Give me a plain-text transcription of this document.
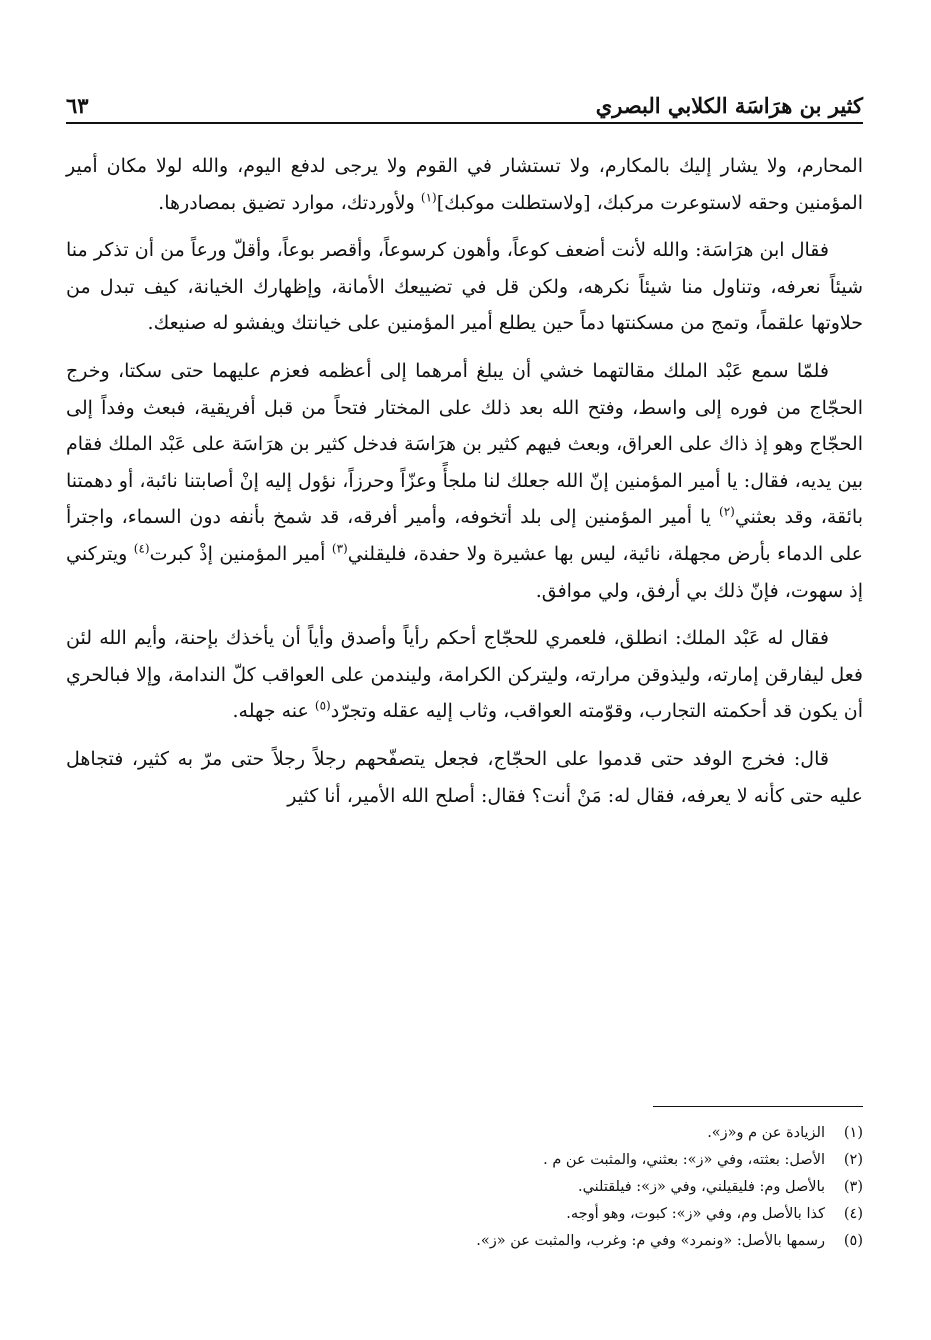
كثير بن هرَاسَة الكلابي البصري
٦٣

المحارم، ولا يشار إليك بالمكارم، ولا تستشار في القوم ولا يرجى لدفع اليوم، والله لولا مكان أمير المؤمنين وحقه لاستوعرت مركبك، [ولاستطلت موكبك]$^{(١)}$ ولأوردتك، موارد تضيق بمصادرها.

فقال ابن هرَاسَة: والله لأنت أضعف كوعاً، وأهون كرسوعاً، وأقصر بوعاً، وأقلّ ورعاً من أن تذكر منا شيئاً نعرفه، وتناول منا شيئاً نكرهه، ولكن قل في تضييعك الأمانة، وإظهارك الخيانة، كيف تبدل من حلاوتها علقماً، وتمج من مسكنتها دماً حين يطلع أمير المؤمنين على خيانتك ويفشو له صنيعك.

فلمّا سمع عَبْد الملك مقالتهما خشي أن يبلغ أمرهما إلى أعظمه فعزم عليهما حتى سكتا، وخرج الحجّاج من فوره إلى واسط، وفتح الله بعد ذلك على المختار فتحاً من قبل أفريقية، فبعث وفداً إلى الحجّاج وهو إذ ذاك على العراق، وبعث فيهم كثير بن هرَاسَة فدخل كثير بن هرَاسَة على عَبْد الملك فقام بين يديه، فقال: يا أمير المؤمنين إنّ الله جعلك لنا ملجأً وعزّاً وحرزاً، نؤول إليه إنْ أصابتنا نائبة، أو دهمتنا بائقة، وقد بعثني$^{(٢)}$ يا أمير المؤمنين إلى بلد أتخوفه، وأمير أفرقه، قد شمخ بأنفه دون السماء، واجترأ على الدماء بأرض مجهلة، نائية، ليس بها عشيرة ولا حفدة، فليقلني$^{(٣)}$ أمير المؤمنين إذْ كبرت$^{(٤)}$ ويتركني إذ سهوت، فإنّ ذلك بي أرفق، ولي موافق.

فقال له عَبْد الملك: انطلق، فلعمري للحجّاج أحكم رأياً وأصدق وأياً أن يأخذك بإحنة، وأيم الله لئن فعل ليفارقن إمارته، وليذوقن مرارته، وليتركن الكرامة، وليندمن على العواقب كلّ الندامة، وإلا فبالحري أن يكون قد أحكمته التجارب، وقوّمته العواقب، وثاب إليه عقله وتجرّد$^{(٥)}$ عنه جهله.

قال: فخرج الوفد حتى قدموا على الحجّاج، فجعل يتصفّحهم رجلاً رجلاً حتى مرّ به كثير، فتجاهل عليه حتى كأنه لا يعرفه، فقال له: مَنْ أنت؟ فقال: أصلح الله الأمير، أنا كثير

(١)
الزيادة عن م و«ز».
(٢)
الأصل: بعثته، وفي «ز»: بعثني، والمثبت عن م .
(٣)
بالأصل وم: فليقيلني، وفي «ز»: فيلقتلني.
(٤)
كذا بالأصل وم، وفي «ز»: كبوت، وهو أوجه.
(٥)
رسمها بالأصل: «ونمرد» وفي م: وغرب، والمثبت عن «ز».
